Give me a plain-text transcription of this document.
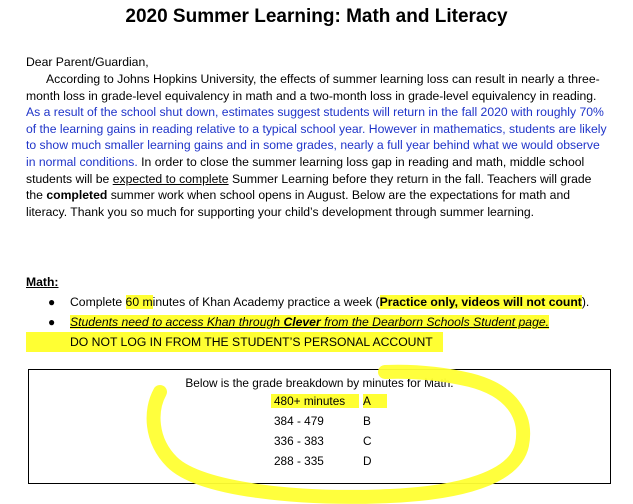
2020 Summer Learning: Math and Literacy
Dear Parent/Guardian,
According to Johns Hopkins University, the effects of summer learning loss can result in nearly a three-month loss in grade-level equivalency in math and a two-month loss in grade-level equivalency in reading. As a result of the school shut down, estimates suggest students will return in the fall 2020 with roughly 70% of the learning gains in reading relative to a typical school year. However in mathematics, students are likely to show much smaller learning gains and in some grades, nearly a full year behind what we would observe in normal conditions. In order to close the summer learning loss gap in reading and math, middle school students will be expected to complete Summer Learning before they return in the fall. Teachers will grade the completed summer work when school opens in August. Below are the expectations for math and literacy. Thank you so much for supporting your child’s development through summer learning.
Math:
● Complete 60 minutes of Khan Academy practice a week (Practice only, videos will not count).
● Students need to access Khan through Clever from the Dearborn Schools Student page.
DO NOT LOG IN FROM THE STUDENT’S PERSONAL ACCOUNT
Below is the grade breakdown by minutes for Math.
480+ minutes	A
384 - 479	B
336 - 383	C
288 - 335	D
